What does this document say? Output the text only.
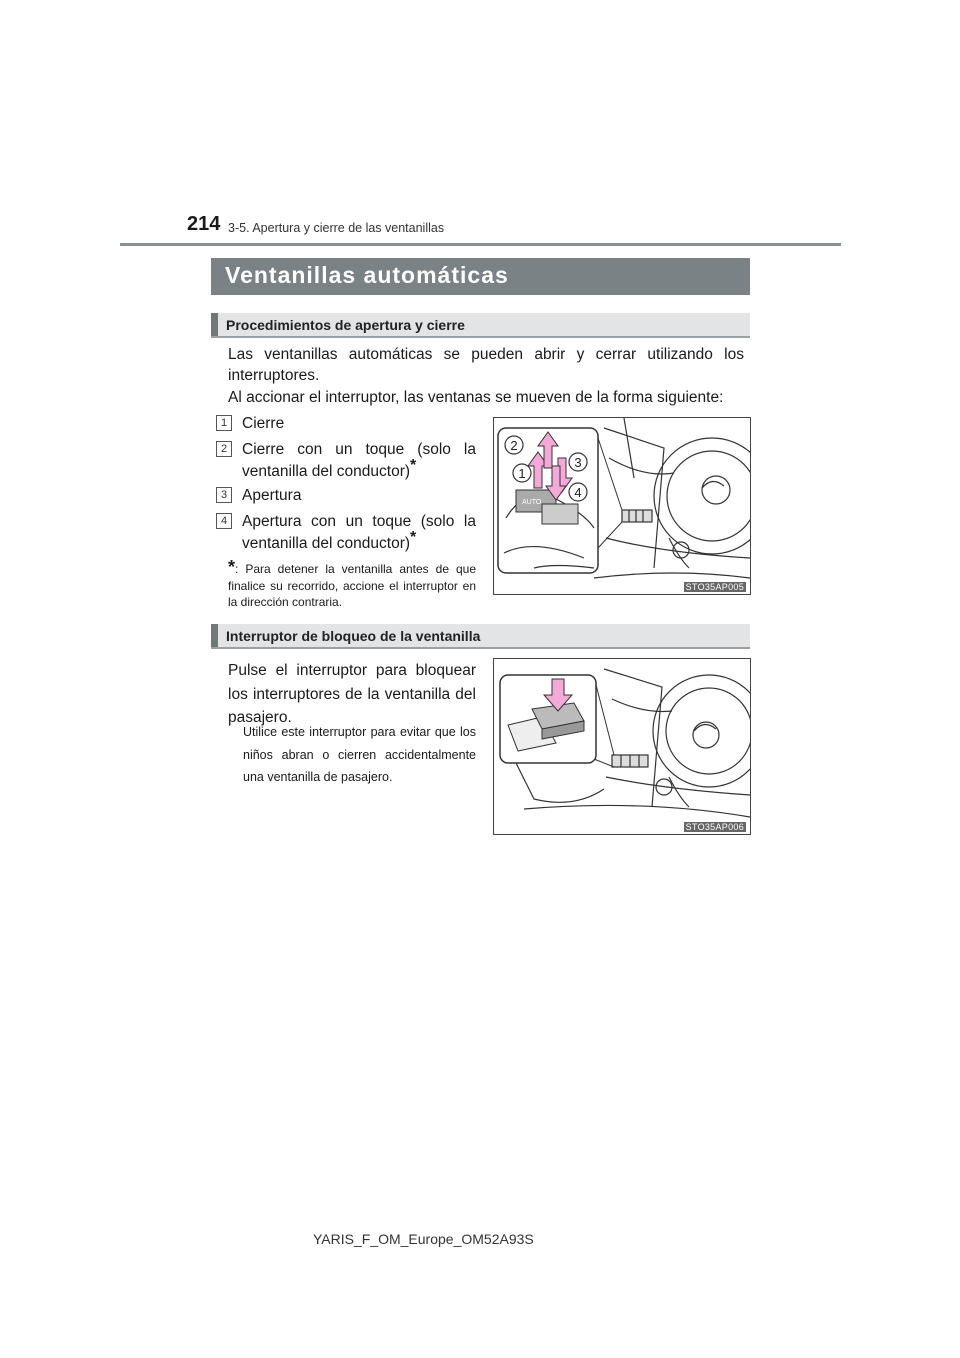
214 3-5. Apertura y cierre de las ventanillas
Ventanillas automáticas
Procedimientos de apertura y cierre
Las ventanillas automáticas se pueden abrir y cerrar utilizando los interruptores.
Al accionar el interruptor, las ventanas se mueven de la forma siguiente:
1 Cierre
2 Cierre con un toque (solo la ventanilla del conductor)*
3 Apertura
4 Apertura con un toque (solo la ventanilla del conductor)*
*: Para detener la ventanilla antes de que finalice su recorrido, accione el interruptor en la dirección contraria.
AUTO
2
1
3
4
STO35AP005
Interruptor de bloqueo de la ventanilla
Pulse el interruptor para bloquear los interruptores de la ventanilla del pasajero.
Utilice este interruptor para evitar que los niños abran o cierren accidentalmente una ventanilla de pasajero.
STO35AP006
YARIS_F_OM_Europe_OM52A93S
